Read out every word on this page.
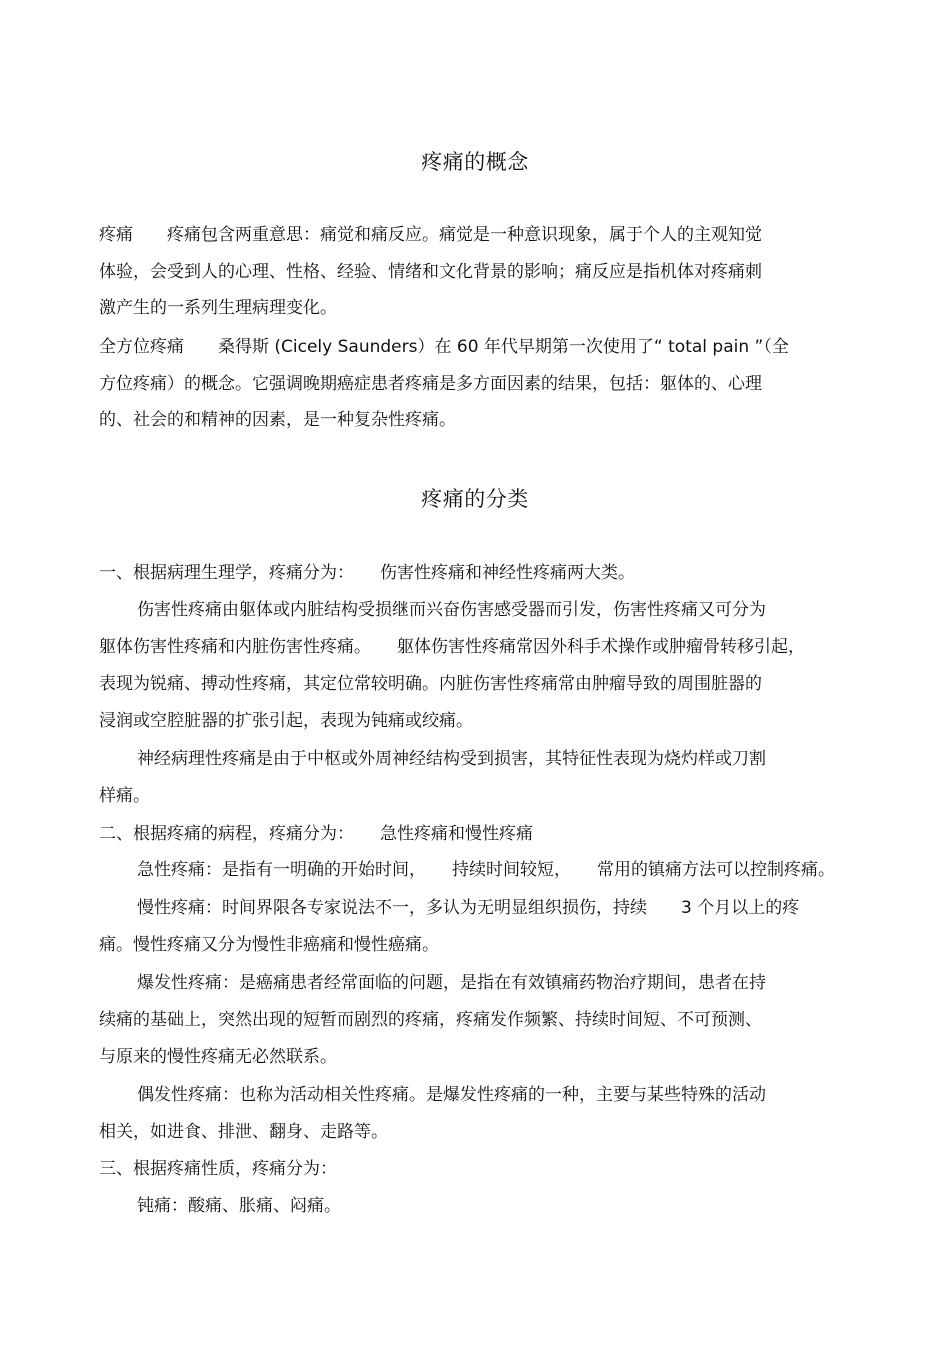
疼痛的概念
疼痛 疼痛包含两重意思：痛觉和痛反应。痛觉是一种意识现象，属于个人的主观知觉
体验，会受到人的心理、性格、经验、情绪和文化背景的影响；痛反应是指机体对疼痛刺
激产生的一系列生理病理变化。
全方位疼痛 桑得斯 (Cicely Saunders）在 60 年代早期第一次使用了“ total pain ”（全
方位疼痛）的概念。它强调晚期癌症患者疼痛是多方面因素的结果，包括：躯体的、心理
的、社会的和精神的因素，是一种复杂性疼痛。
疼痛的分类
一、根据病理生理学，疼痛分为： 伤害性疼痛和神经性疼痛两大类。
伤害性疼痛由躯体或内脏结构受损继而兴奋伤害感受器而引发，伤害性疼痛又可分为
躯体伤害性疼痛和内脏伤害性疼痛。 躯体伤害性疼痛常因外科手术操作或肿瘤骨转移引起，
表现为锐痛、搏动性疼痛，其定位常较明确。内脏伤害性疼痛常由肿瘤导致的周围脏器的
浸润或空腔脏器的扩张引起，表现为钝痛或绞痛。
神经病理性疼痛是由于中枢或外周神经结构受到损害，其特征性表现为烧灼样或刀割
样痛。
二、根据疼痛的病程，疼痛分为： 急性疼痛和慢性疼痛
急性疼痛：是指有一明确的开始时间， 持续时间较短， 常用的镇痛方法可以控制疼痛。
慢性疼痛：时间界限各专家说法不一，多认为无明显组织损伤，持续 3 个月以上的疼
痛。慢性疼痛又分为慢性非癌痛和慢性癌痛。
爆发性疼痛：是癌痛患者经常面临的问题，是指在有效镇痛药物治疗期间，患者在持
续痛的基础上，突然出现的短暂而剧烈的疼痛，疼痛发作频繁、持续时间短、不可预测、
与原来的慢性疼痛无必然联系。
偶发性疼痛：也称为活动相关性疼痛。是爆发性疼痛的一种，主要与某些特殊的活动
相关，如进食、排泄、翻身、走路等。
三、根据疼痛性质，疼痛分为：
钝痛：酸痛、胀痛、闷痛。
